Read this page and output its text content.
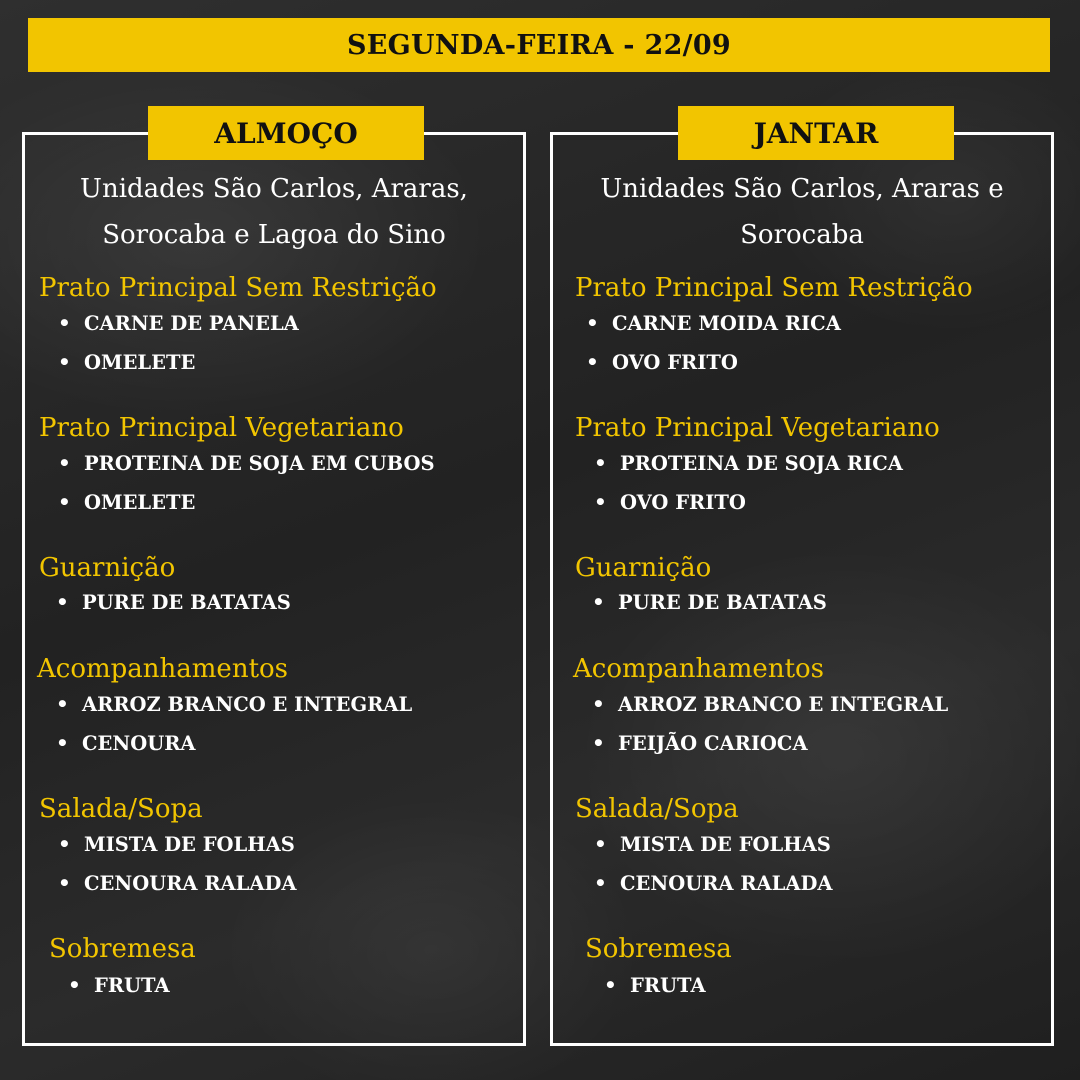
SEGUNDA-FEIRA - 22/09
ALMOÇO
Unidades São Carlos, Araras,
Sorocaba e Lagoa do Sino
Prato Principal Sem Restrição
• CARNE DE PANELA
• OMELETE
Prato Principal Vegetariano
• PROTEINA DE SOJA EM CUBOS
• OMELETE
Guarnição
• PURE DE BATATAS
Acompanhamentos
• ARROZ BRANCO E INTEGRAL
• CENOURA
Salada/Sopa
• MISTA DE FOLHAS
• CENOURA RALADA
Sobremesa
• FRUTA
JANTAR
Unidades São Carlos, Araras e
Sorocaba
Prato Principal Sem Restrição
• CARNE MOIDA RICA
• OVO FRITO
Prato Principal Vegetariano
• PROTEINA DE SOJA RICA
• OVO FRITO
Guarnição
• PURE DE BATATAS
Acompanhamentos
• ARROZ BRANCO E INTEGRAL
• FEIJÃO CARIOCA
Salada/Sopa
• MISTA DE FOLHAS
• CENOURA RALADA
Sobremesa
• FRUTA
